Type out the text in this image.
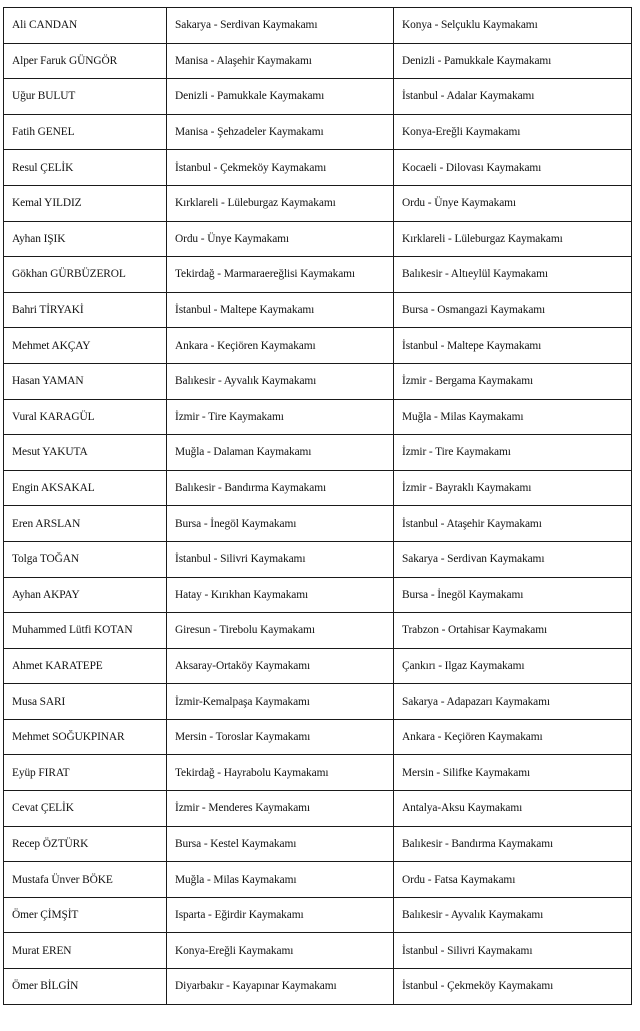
Ali CANDAN	Sakarya - Serdivan Kaymakamı	Konya - Selçuklu Kaymakamı
Alper Faruk GÜNGÖR	Manisa - Alaşehir Kaymakamı	Denizli - Pamukkale Kaymakamı
Uğur BULUT	Denizli - Pamukkale Kaymakamı	İstanbul - Adalar Kaymakamı
Fatih GENEL	Manisa - Şehzadeler Kaymakamı	Konya-Ereğli Kaymakamı
Resul ÇELİK	İstanbul - Çekmeköy Kaymakamı	Kocaeli - Dilovası Kaymakamı
Kemal YILDIZ	Kırklareli - Lüleburgaz Kaymakamı	Ordu - Ünye Kaymakamı
Ayhan IŞIK	Ordu - Ünye Kaymakamı	Kırklareli - Lüleburgaz Kaymakamı
Gökhan GÜRBÜZEROL	Tekirdağ - Marmaraereğlisi Kaymakamı	Balıkesir - Altıeylül Kaymakamı
Bahri TİRYAKİ	İstanbul - Maltepe Kaymakamı	Bursa - Osmangazi Kaymakamı
Mehmet AKÇAY	Ankara - Keçiören Kaymakamı	İstanbul - Maltepe Kaymakamı
Hasan YAMAN	Balıkesir - Ayvalık Kaymakamı	İzmir - Bergama Kaymakamı
Vural KARAGÜL	İzmir - Tire Kaymakamı	Muğla - Milas Kaymakamı
Mesut YAKUTA	Muğla - Dalaman Kaymakamı	İzmir - Tire Kaymakamı
Engin AKSAKAL	Balıkesir - Bandırma Kaymakamı	İzmir - Bayraklı Kaymakamı
Eren ARSLAN	Bursa - İnegöl Kaymakamı	İstanbul - Ataşehir Kaymakamı
Tolga TOĞAN	İstanbul - Silivri Kaymakamı	Sakarya - Serdivan Kaymakamı
Ayhan AKPAY	Hatay - Kırıkhan Kaymakamı	Bursa - İnegöl Kaymakamı
Muhammed Lütfi KOTAN	Giresun - Tirebolu Kaymakamı	Trabzon - Ortahisar Kaymakamı
Ahmet KARATEPE	Aksaray-Ortaköy Kaymakamı	Çankırı - Ilgaz Kaymakamı
Musa SARI	İzmir-Kemalpaşa Kaymakamı	Sakarya - Adapazarı Kaymakamı
Mehmet SOĞUKPINAR	Mersin - Toroslar Kaymakamı	Ankara - Keçiören Kaymakamı
Eyüp FIRAT	Tekirdağ - Hayrabolu Kaymakamı	Mersin - Silifke Kaymakamı
Cevat ÇELİK	İzmir - Menderes Kaymakamı	Antalya-Aksu Kaymakamı
Recep ÖZTÜRK	Bursa - Kestel Kaymakamı	Balıkesir - Bandırma Kaymakamı
Mustafa Ünver BÖKE	Muğla - Milas Kaymakamı	Ordu - Fatsa Kaymakamı
Ömer ÇİMŞİT	Isparta - Eğirdir Kaymakamı	Balıkesir - Ayvalık Kaymakamı
Murat EREN	Konya-Ereğli Kaymakamı	İstanbul - Silivri Kaymakamı
Ömer BİLGİN	Diyarbakır - Kayapınar Kaymakamı	İstanbul - Çekmeköy Kaymakamı
